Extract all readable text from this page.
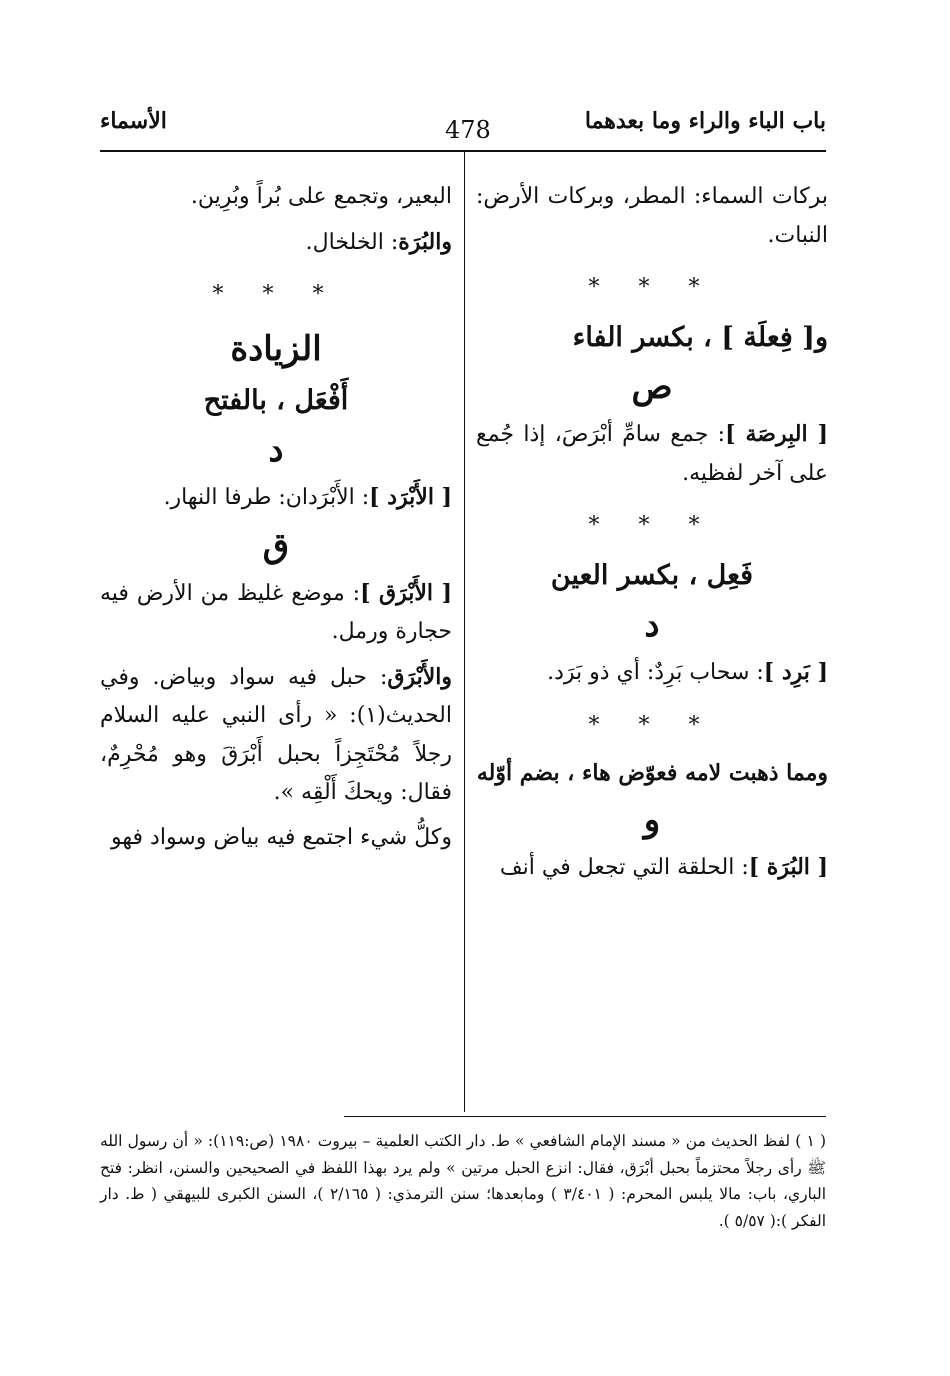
باب الباء والراء وما بعدهما
478
الأسماء

بركات السماء: المطر، وبركات الأرض: النبات.

* * *
و[ فِعلَة ] ، بكسر الفاء
ص

[ البِرصَة ]: جمع سامِّ أبْرَصَ، إذا جُمع على آخر لفظيه.

* * *
فَعِل ، بكسر العين
د

[ بَرِد ]: سحاب بَرِدٌ: أي ذو بَرَد.

* * *
ومما ذهبت لامه فعوّض هاء ، بضم أوّله
و

[ البُرَة ]: الحلقة التي تجعل في أنف

البعير، وتجمع على بُراً وبُرِين.

والبُرَة: الخلخال.

* * *
الزيادة
أَفْعَل ، بالفتح
د

[ الأَبْرَد ]: الأَبْرَدان: طرفا النهار.

ق

[ الأَبْرَق ]: موضع غليظ من الأرض فيه حجارة ورمل.

والأَبْرَق: حبل فيه سواد وبياض. وفي الحديث(١): « رأى النبي عليه السلام رجلاً مُحْتَجِزاً بحبل أَبْرَقَ وهو مُحْرِمٌ، فقال: ويحكَ أَلْقِه ».

وكلُّ شيء اجتمع فيه بياض وسواد فهو

( ١ ) لفظ الحديث من « مسند الإمام الشافعي » ط. دار الكتب العلمية – بيروت ١٩٨٠ (ص:١١٩): « أن رسول الله ﷺ رأى رجلاً محتزماً بحبل أبْرَق، فقال: انزع الحبل مرتين » ولم يرد بهذا اللفظ في الصحيحين والسنن، انظر: فتح الباري، باب: مالا يلبس المحرم: ( ٣/٤٠١ ) ومابعدها؛ سنن الترمذي: ( ٢/١٦٥ )، السنن الكبرى للبيهقي ( ط. دار الفكر ):( ٥/٥٧ ).
